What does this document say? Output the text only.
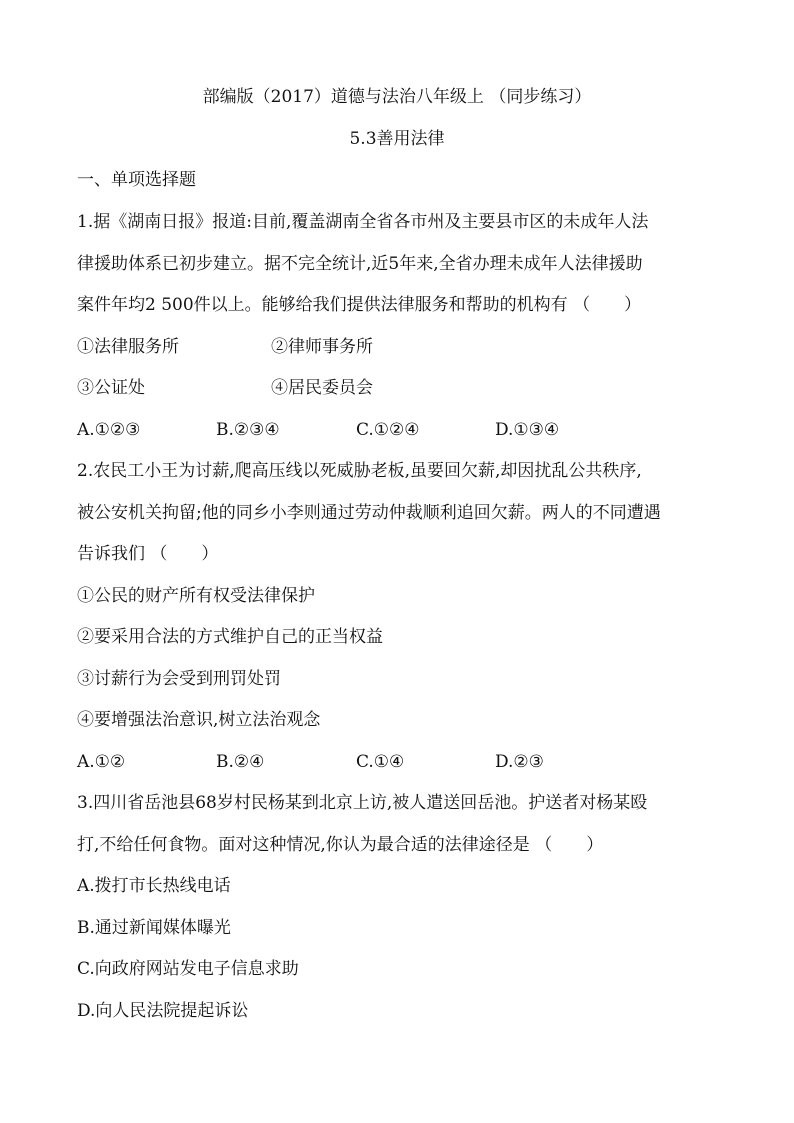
部编版（2017）道德与法治八年级上 （同步练习）
5.3善用法律
一、单项选择题
1.据《湖南日报》报道:目前,覆盖湖南全省各市州及主要县市区的未成年人法
律援助体系已初步建立。据不完全统计,近5年来,全省办理未成年人法律援助
案件年均2 500件以上。能够给我们提供法律服务和帮助的机构有 （　　）
①法律服务所	②律师事务所
③公证处	④居民委员会
A.①②③	B.②③④	C.①②④	D.①③④
2.农民工小王为讨薪,爬高压线以死威胁老板,虽要回欠薪,却因扰乱公共秩序,
被公安机关拘留;他的同乡小李则通过劳动仲裁顺利追回欠薪。两人的不同遭遇
告诉我们 （　　）
①公民的财产所有权受法律保护
②要采用合法的方式维护自己的正当权益
③讨薪行为会受到刑罚处罚
④要增强法治意识,树立法治观念
A.①②	B.②④	C.①④	D.②③
3.四川省岳池县68岁村民杨某到北京上访,被人遣送回岳池。护送者对杨某殴
打,不给任何食物。面对这种情况,你认为最合适的法律途径是 （　　）
A.拨打市长热线电话
B.通过新闻媒体曝光
C.向政府网站发电子信息求助
D.向人民法院提起诉讼
